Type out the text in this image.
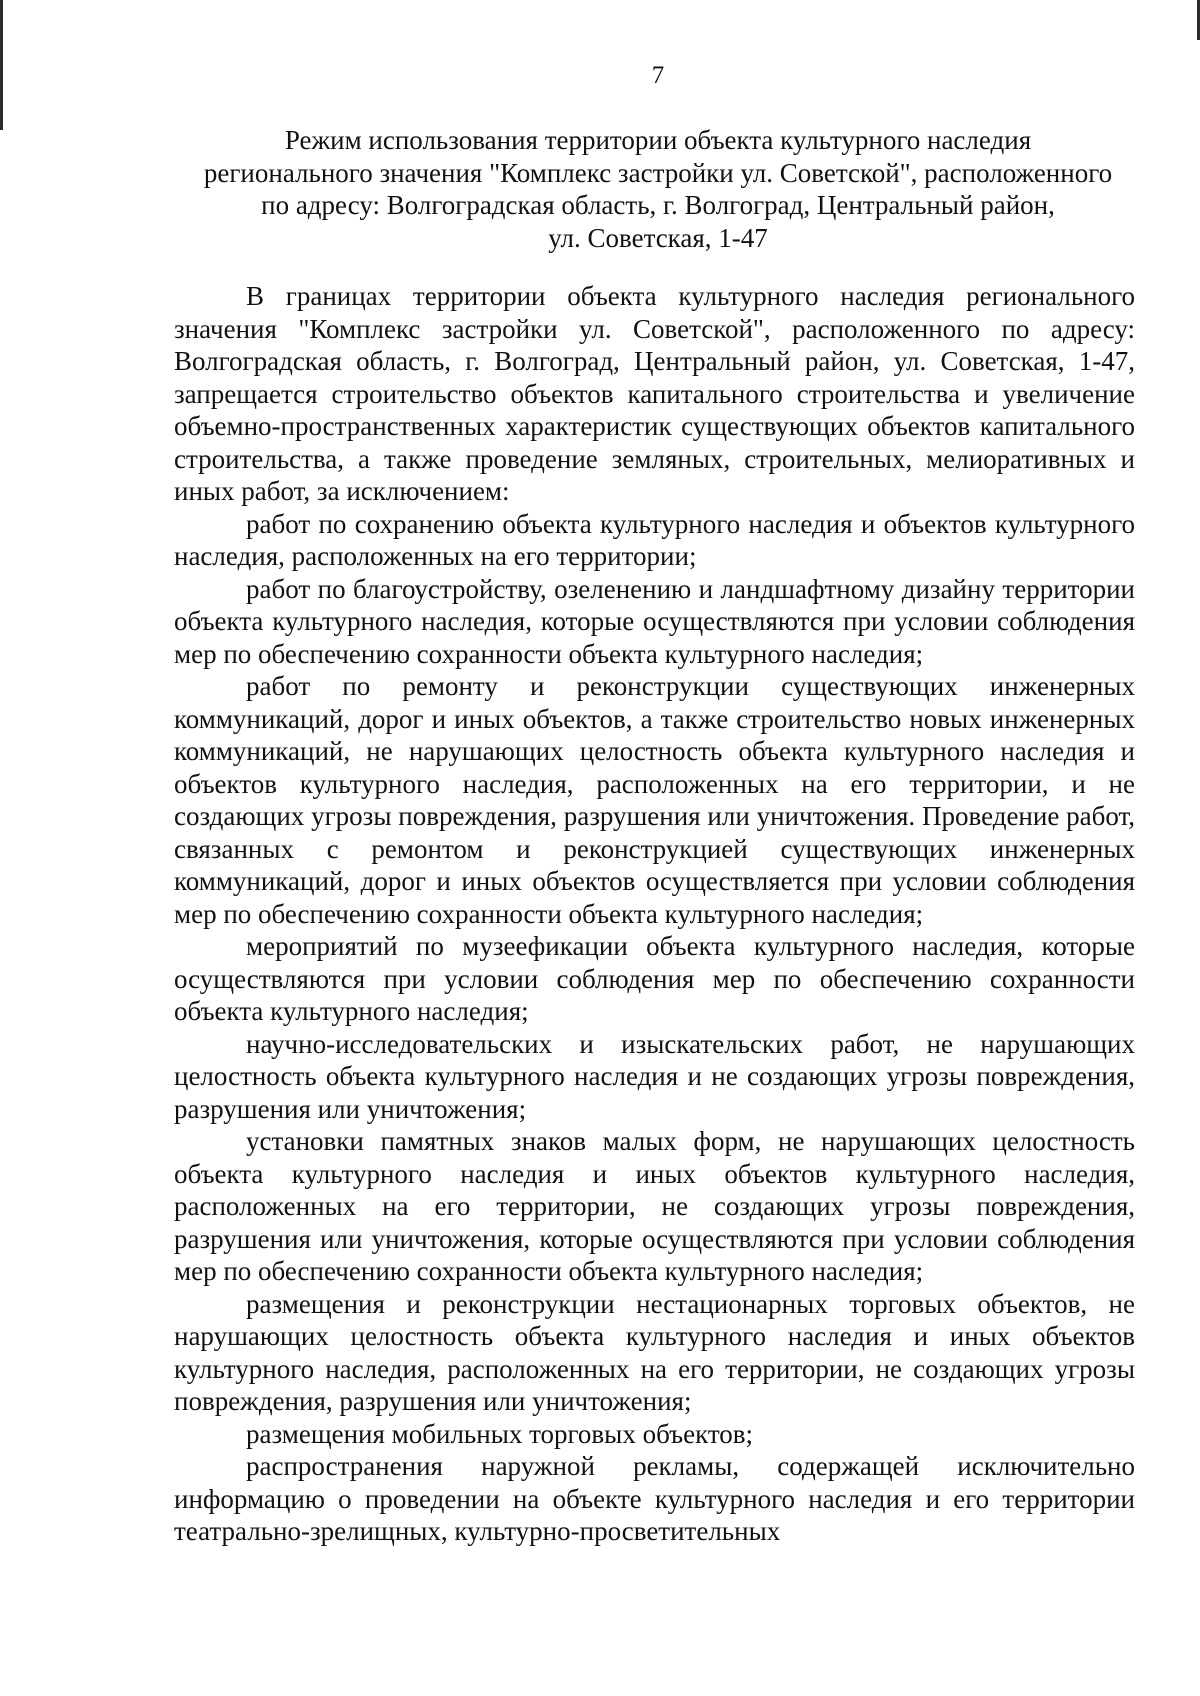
7
Режим использования территории объекта культурного наследия
регионального значения "Комплекс застройки ул. Советской", расположенного
по адресу: Волгоградская область, г. Волгоград, Центральный район,
ул. Советская, 1-47

В границах территории объекта культурного наследия регионального значения "Комплекс застройки ул. Советской", расположенного по адресу: Волгоградская область, г. Волгоград, Центральный район, ул. Советская, 1-47, запрещается строительство объектов капитального строительства и увеличение объемно-пространственных характеристик существующих объектов капитального строительства, а также проведение земляных, строительных, мелиоративных и иных работ, за исключением:

работ по сохранению объекта культурного наследия и объектов культурного наследия, расположенных на его территории;

работ по благоустройству, озеленению и ландшафтному дизайну территории объекта культурного наследия, которые осуществляются при условии соблюдения мер по обеспечению сохранности объекта культурного наследия;

работ по ремонту и реконструкции существующих инженерных коммуникаций, дорог и иных объектов, а также строительство новых инженерных коммуникаций, не нарушающих целостность объекта культурного наследия и объектов культурного наследия, расположенных на его территории, и не создающих угрозы повреждения, разрушения или уничтожения. Проведение работ, связанных с ремонтом и реконструкцией существующих инженерных коммуникаций, дорог и иных объектов осуществляется при условии соблюдения мер по обеспечению сохранности объекта культурного наследия;

мероприятий по музеефикации объекта культурного наследия, которые осуществляются при условии соблюдения мер по обеспечению сохранности объекта культурного наследия;

научно-исследовательских и изыскательских работ, не нарушающих целостность объекта культурного наследия и не создающих угрозы повреждения, разрушения или уничтожения;

установки памятных знаков малых форм, не нарушающих целостность объекта культурного наследия и иных объектов культурного наследия, расположенных на его территории, не создающих угрозы повреждения, разрушения или уничтожения, которые осуществляются при условии соблюдения мер по обеспечению сохранности объекта культурного наследия;

размещения и реконструкции нестационарных торговых объектов, не нарушающих целостность объекта культурного наследия и иных объектов культурного наследия, расположенных на его территории, не создающих угрозы повреждения, разрушения или уничтожения;

размещения мобильных торговых объектов;

распространения наружной рекламы, содержащей исключительно информацию о проведении на объекте культурного наследия и его территории театрально-зрелищных, культурно-просветительных
